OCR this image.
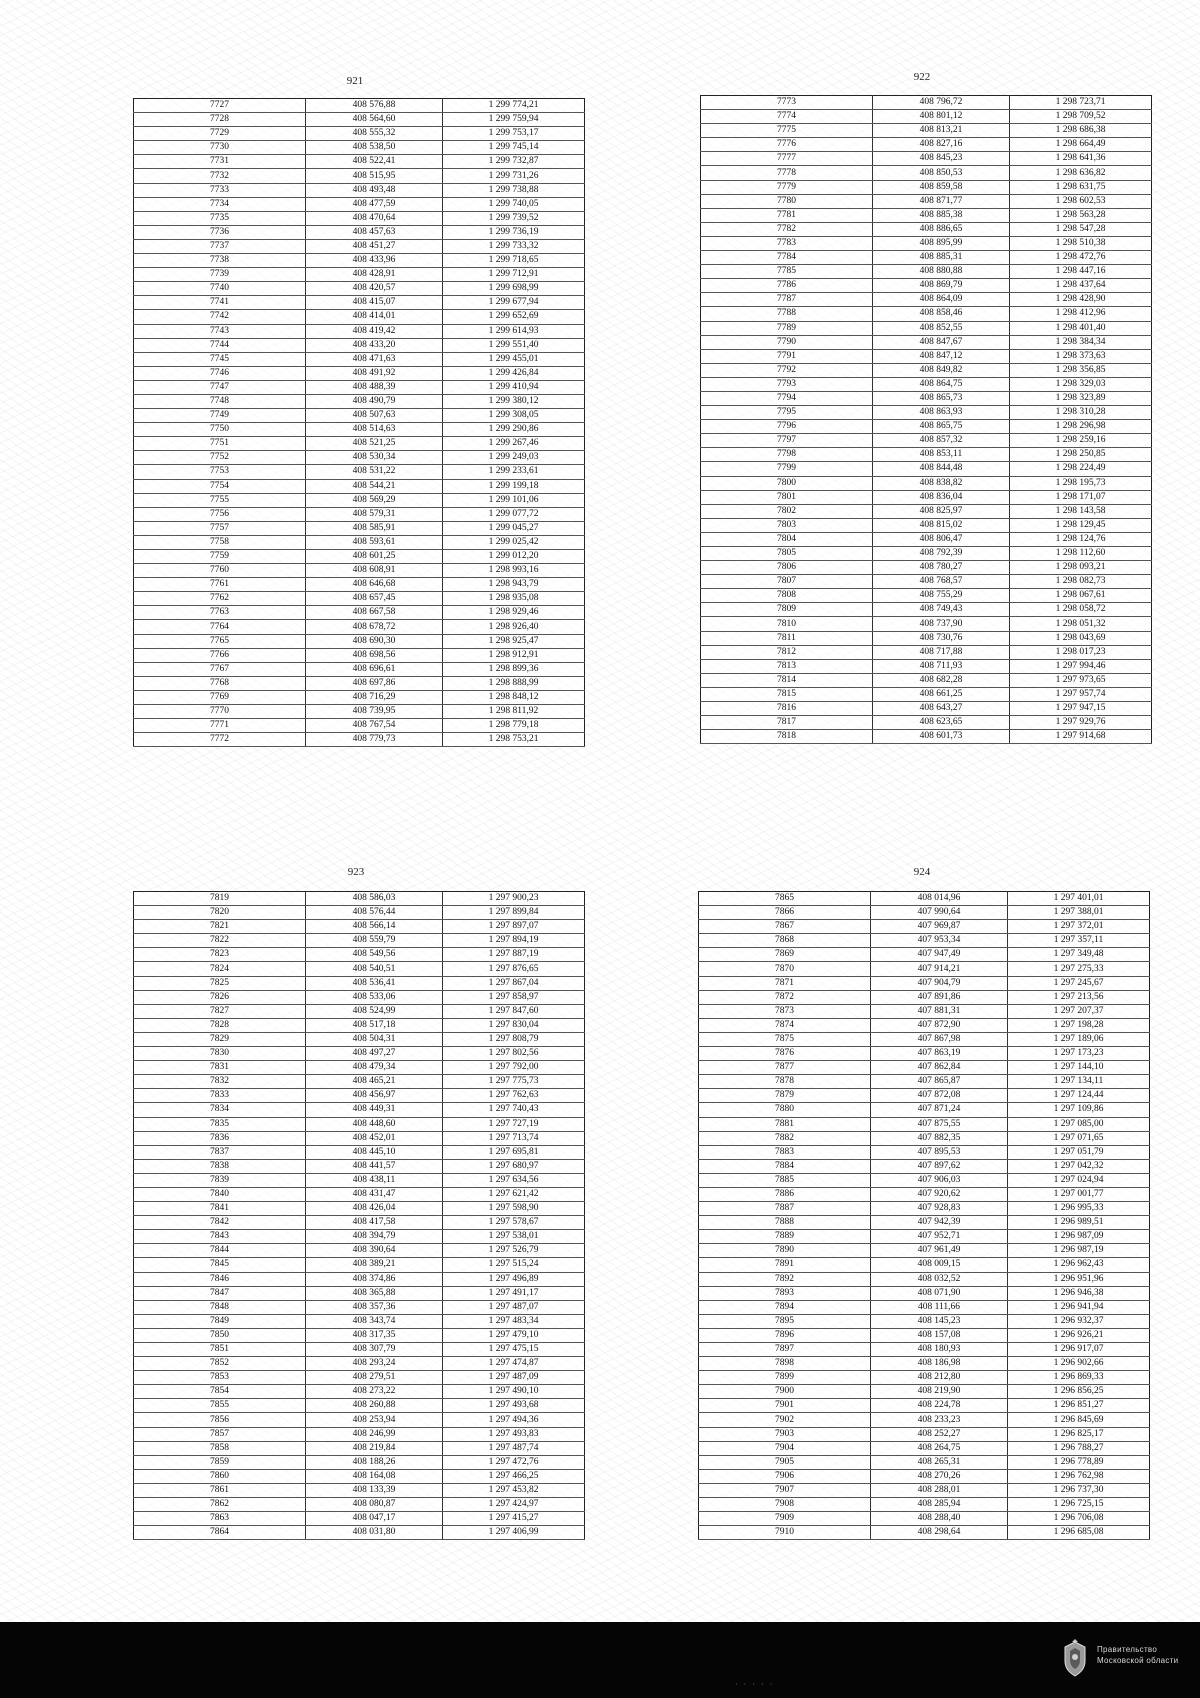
921
7727	408 576,88	1 299 774,21
7728	408 564,60	1 299 759,94
7729	408 555,32	1 299 753,17
7730	408 538,50	1 299 745,14
7731	408 522,41	1 299 732,87
7732	408 515,95	1 299 731,26
7733	408 493,48	1 299 738,88
7734	408 477,59	1 299 740,05
7735	408 470,64	1 299 739,52
7736	408 457,63	1 299 736,19
7737	408 451,27	1 299 733,32
7738	408 433,96	1 299 718,65
7739	408 428,91	1 299 712,91
7740	408 420,57	1 299 698,99
7741	408 415,07	1 299 677,94
7742	408 414,01	1 299 652,69
7743	408 419,42	1 299 614,93
7744	408 433,20	1 299 551,40
7745	408 471,63	1 299 455,01
7746	408 491,92	1 299 426,84
7747	408 488,39	1 299 410,94
7748	408 490,79	1 299 380,12
7749	408 507,63	1 299 308,05
7750	408 514,63	1 299 290,86
7751	408 521,25	1 299 267,46
7752	408 530,34	1 299 249,03
7753	408 531,22	1 299 233,61
7754	408 544,21	1 299 199,18
7755	408 569,29	1 299 101,06
7756	408 579,31	1 299 077,72
7757	408 585,91	1 299 045,27
7758	408 593,61	1 299 025,42
7759	408 601,25	1 299 012,20
7760	408 608,91	1 298 993,16
7761	408 646,68	1 298 943,79
7762	408 657,45	1 298 935,08
7763	408 667,58	1 298 929,46
7764	408 678,72	1 298 926,40
7765	408 690,30	1 298 925,47
7766	408 698,56	1 298 912,91
7767	408 696,61	1 298 899,36
7768	408 697,86	1 298 888,99
7769	408 716,29	1 298 848,12
7770	408 739,95	1 298 811,92
7771	408 767,54	1 298 779,18
7772	408 779,73	1 298 753,21
922
7773	408 796,72	1 298 723,71
7774	408 801,12	1 298 709,52
7775	408 813,21	1 298 686,38
7776	408 827,16	1 298 664,49
7777	408 845,23	1 298 641,36
7778	408 850,53	1 298 636,82
7779	408 859,58	1 298 631,75
7780	408 871,77	1 298 602,53
7781	408 885,38	1 298 563,28
7782	408 886,65	1 298 547,28
7783	408 895,99	1 298 510,38
7784	408 885,31	1 298 472,76
7785	408 880,88	1 298 447,16
7786	408 869,79	1 298 437,64
7787	408 864,09	1 298 428,90
7788	408 858,46	1 298 412,96
7789	408 852,55	1 298 401,40
7790	408 847,67	1 298 384,34
7791	408 847,12	1 298 373,63
7792	408 849,82	1 298 356,85
7793	408 864,75	1 298 329,03
7794	408 865,73	1 298 323,89
7795	408 863,93	1 298 310,28
7796	408 865,75	1 298 296,98
7797	408 857,32	1 298 259,16
7798	408 853,11	1 298 250,85
7799	408 844,48	1 298 224,49
7800	408 838,82	1 298 195,73
7801	408 836,04	1 298 171,07
7802	408 825,97	1 298 143,58
7803	408 815,02	1 298 129,45
7804	408 806,47	1 298 124,76
7805	408 792,39	1 298 112,60
7806	408 780,27	1 298 093,21
7807	408 768,57	1 298 082,73
7808	408 755,29	1 298 067,61
7809	408 749,43	1 298 058,72
7810	408 737,90	1 298 051,32
7811	408 730,76	1 298 043,69
7812	408 717,88	1 298 017,23
7813	408 711,93	1 297 994,46
7814	408 682,28	1 297 973,65
7815	408 661,25	1 297 957,74
7816	408 643,27	1 297 947,15
7817	408 623,65	1 297 929,76
7818	408 601,73	1 297 914,68
923
7819	408 586,03	1 297 900,23
7820	408 576,44	1 297 899,84
7821	408 566,14	1 297 897,07
7822	408 559,79	1 297 894,19
7823	408 549,56	1 297 887,19
7824	408 540,51	1 297 876,65
7825	408 536,41	1 297 867,04
7826	408 533,06	1 297 858,97
7827	408 524,99	1 297 847,60
7828	408 517,18	1 297 830,04
7829	408 504,31	1 297 808,79
7830	408 497,27	1 297 802,56
7831	408 479,34	1 297 792,00
7832	408 465,21	1 297 775,73
7833	408 456,97	1 297 762,63
7834	408 449,31	1 297 740,43
7835	408 448,60	1 297 727,19
7836	408 452,01	1 297 713,74
7837	408 445,10	1 297 695,81
7838	408 441,57	1 297 680,97
7839	408 438,11	1 297 634,56
7840	408 431,47	1 297 621,42
7841	408 426,04	1 297 598,90
7842	408 417,58	1 297 578,67
7843	408 394,79	1 297 538,01
7844	408 390,64	1 297 526,79
7845	408 389,21	1 297 515,24
7846	408 374,86	1 297 496,89
7847	408 365,88	1 297 491,17
7848	408 357,36	1 297 487,07
7849	408 343,74	1 297 483,34
7850	408 317,35	1 297 479,10
7851	408 307,79	1 297 475,15
7852	408 293,24	1 297 474,87
7853	408 279,51	1 297 487,09
7854	408 273,22	1 297 490,10
7855	408 260,88	1 297 493,68
7856	408 253,94	1 297 494,36
7857	408 246,99	1 297 493,83
7858	408 219,84	1 297 487,74
7859	408 188,26	1 297 472,76
7860	408 164,08	1 297 466,25
7861	408 133,39	1 297 453,82
7862	408 080,87	1 297 424,97
7863	408 047,17	1 297 415,27
7864	408 031,80	1 297 406,99
924
7865	408 014,96	1 297 401,01
7866	407 990,64	1 297 388,01
7867	407 969,87	1 297 372,01
7868	407 953,34	1 297 357,11
7869	407 947,49	1 297 349,48
7870	407 914,21	1 297 275,33
7871	407 904,79	1 297 245,67
7872	407 891,86	1 297 213,56
7873	407 881,31	1 297 207,37
7874	407 872,90	1 297 198,28
7875	407 867,98	1 297 189,06
7876	407 863,19	1 297 173,23
7877	407 862,84	1 297 144,10
7878	407 865,87	1 297 134,11
7879	407 872,08	1 297 124,44
7880	407 871,24	1 297 109,86
7881	407 875,55	1 297 085,00
7882	407 882,35	1 297 071,65
7883	407 895,53	1 297 051,79
7884	407 897,62	1 297 042,32
7885	407 906,03	1 297 024,94
7886	407 920,62	1 297 001,77
7887	407 928,83	1 296 995,33
7888	407 942,39	1 296 989,51
7889	407 952,71	1 296 987,09
7890	407 961,49	1 296 987,19
7891	408 009,15	1 296 962,43
7892	408 032,52	1 296 951,96
7893	408 071,90	1 296 946,38
7894	408 111,66	1 296 941,94
7895	408 145,23	1 296 932,37
7896	408 157,08	1 296 926,21
7897	408 180,93	1 296 917,07
7898	408 186,98	1 296 902,66
7899	408 212,80	1 296 869,33
7900	408 219,90	1 296 856,25
7901	408 224,78	1 296 851,27
7902	408 233,23	1 296 845,69
7903	408 252,27	1 296 825,17
7904	408 264,75	1 296 788,27
7905	408 265,31	1 296 778,89
7906	408 270,26	1 296 762,98
7907	408 288,01	1 296 737,30
7908	408 285,94	1 296 725,15
7909	408 288,40	1 296 706,08
7910	408 298,64	1 296 685,08
· · · · ·
Правительство
Московской области
